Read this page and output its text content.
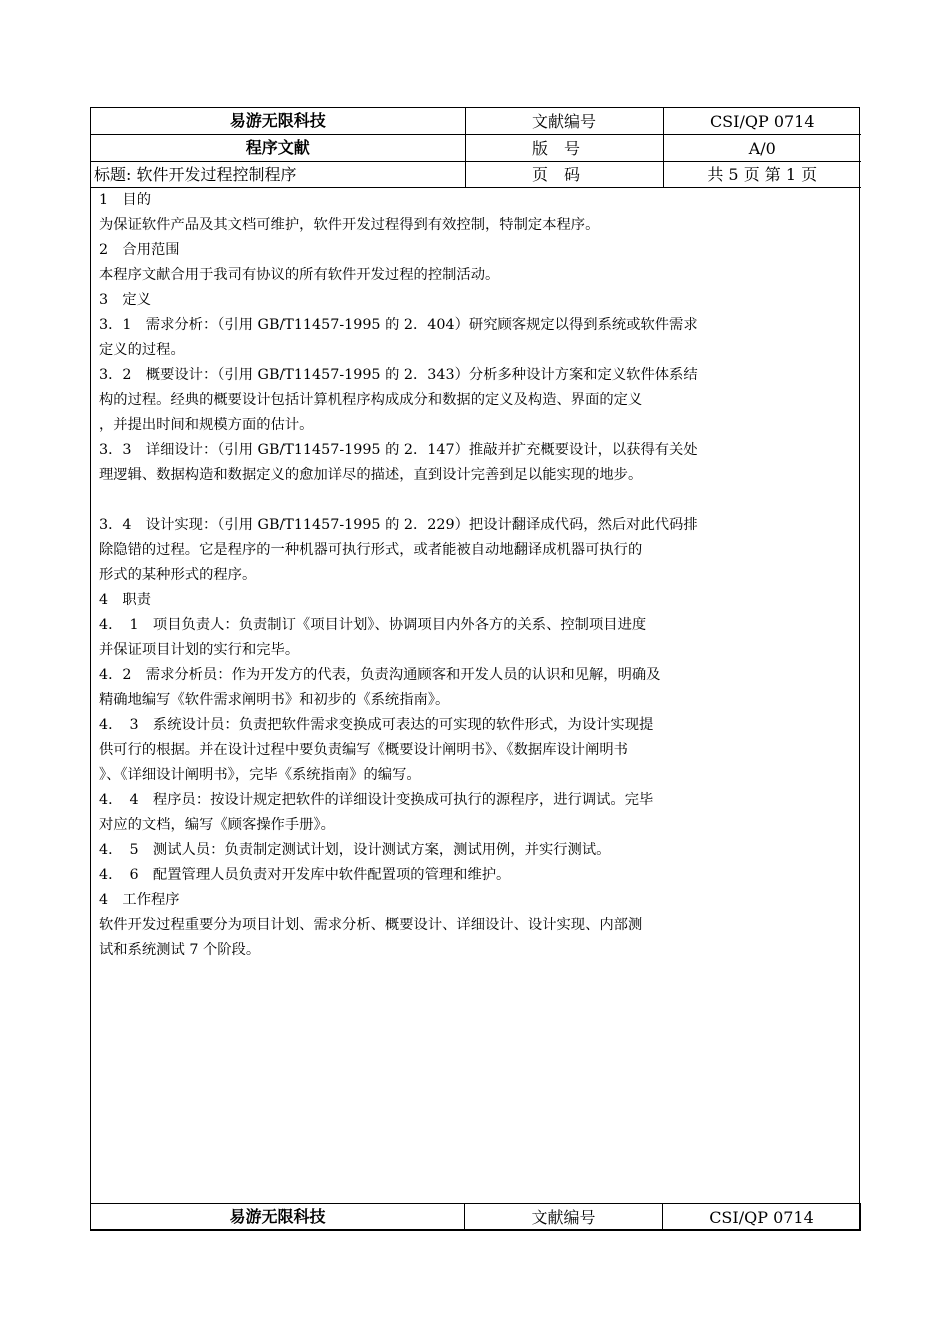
易游无限科技	文献编号	CSI/QP 0714
程序文献	版号	A/0
标题: 软件开发过程控制程序	页码	共 5 页 第 1 页

1　目的

为保证软件产品及其文档可维护，软件开发过程得到有效控制，特制定本程序。

2　合用范围

本程序文献合用于我司有协议的所有软件开发过程的控制活动。

3　定义

3．1　需求分析：（引用 GB/T11457-1995 的 2．404）研究顾客规定以得到系统或软件需求

定义的过程。

3．2　概要设计：（引用 GB/T11457-1995 的 2．343）分析多种设计方案和定义软件体系结

构的过程。经典的概要设计包括计算机程序构成成分和数据的定义及构造、界面的定义

，并提出时间和规模方面的估计。

3．3　详细设计：（引用 GB/T11457-1995 的 2．147）推敲并扩充概要设计，以获得有关处

理逻辑、数据构造和数据定义的愈加详尽的描述，直到设计完善到足以能实现的地步。

3．4　设计实现：（引用 GB/T11457-1995 的 2．229）把设计翻译成代码，然后对此代码排

除隐错的过程。它是程序的一种机器可执行形式，或者能被自动地翻译成机器可执行的

形式的某种形式的程序。

4　职责

4．　1　项目负责人：负责制订《项目计划》、协调项目内外各方的关系、控制项目进度

并保证项目计划的实行和完毕。

4．2　需求分析员：作为开发方的代表，负责沟通顾客和开发人员的认识和见解，明确及

精确地编写《软件需求阐明书》和初步的《系统指南》。

4．　3　系统设计员：负责把软件需求变换成可表达的可实现的软件形式，为设计实现提

供可行的根据。并在设计过程中要负责编写《概要设计阐明书》、《数据库设计阐明书

》、《详细设计阐明书》，完毕《系统指南》的编写。

4．　4　程序员：按设计规定把软件的详细设计变换成可执行的源程序，进行调试。完毕

对应的文档，编写《顾客操作手册》。

4．　5　测试人员：负责制定测试计划，设计测试方案，测试用例，并实行测试。

4．　6　配置管理人员负责对开发库中软件配置项的管理和维护。

4　工作程序

软件开发过程重要分为项目计划、需求分析、概要设计、详细设计、设计实现、内部测

试和系统测试 7 个阶段。

易游无限科技	文献编号	CSI/QP 0714
